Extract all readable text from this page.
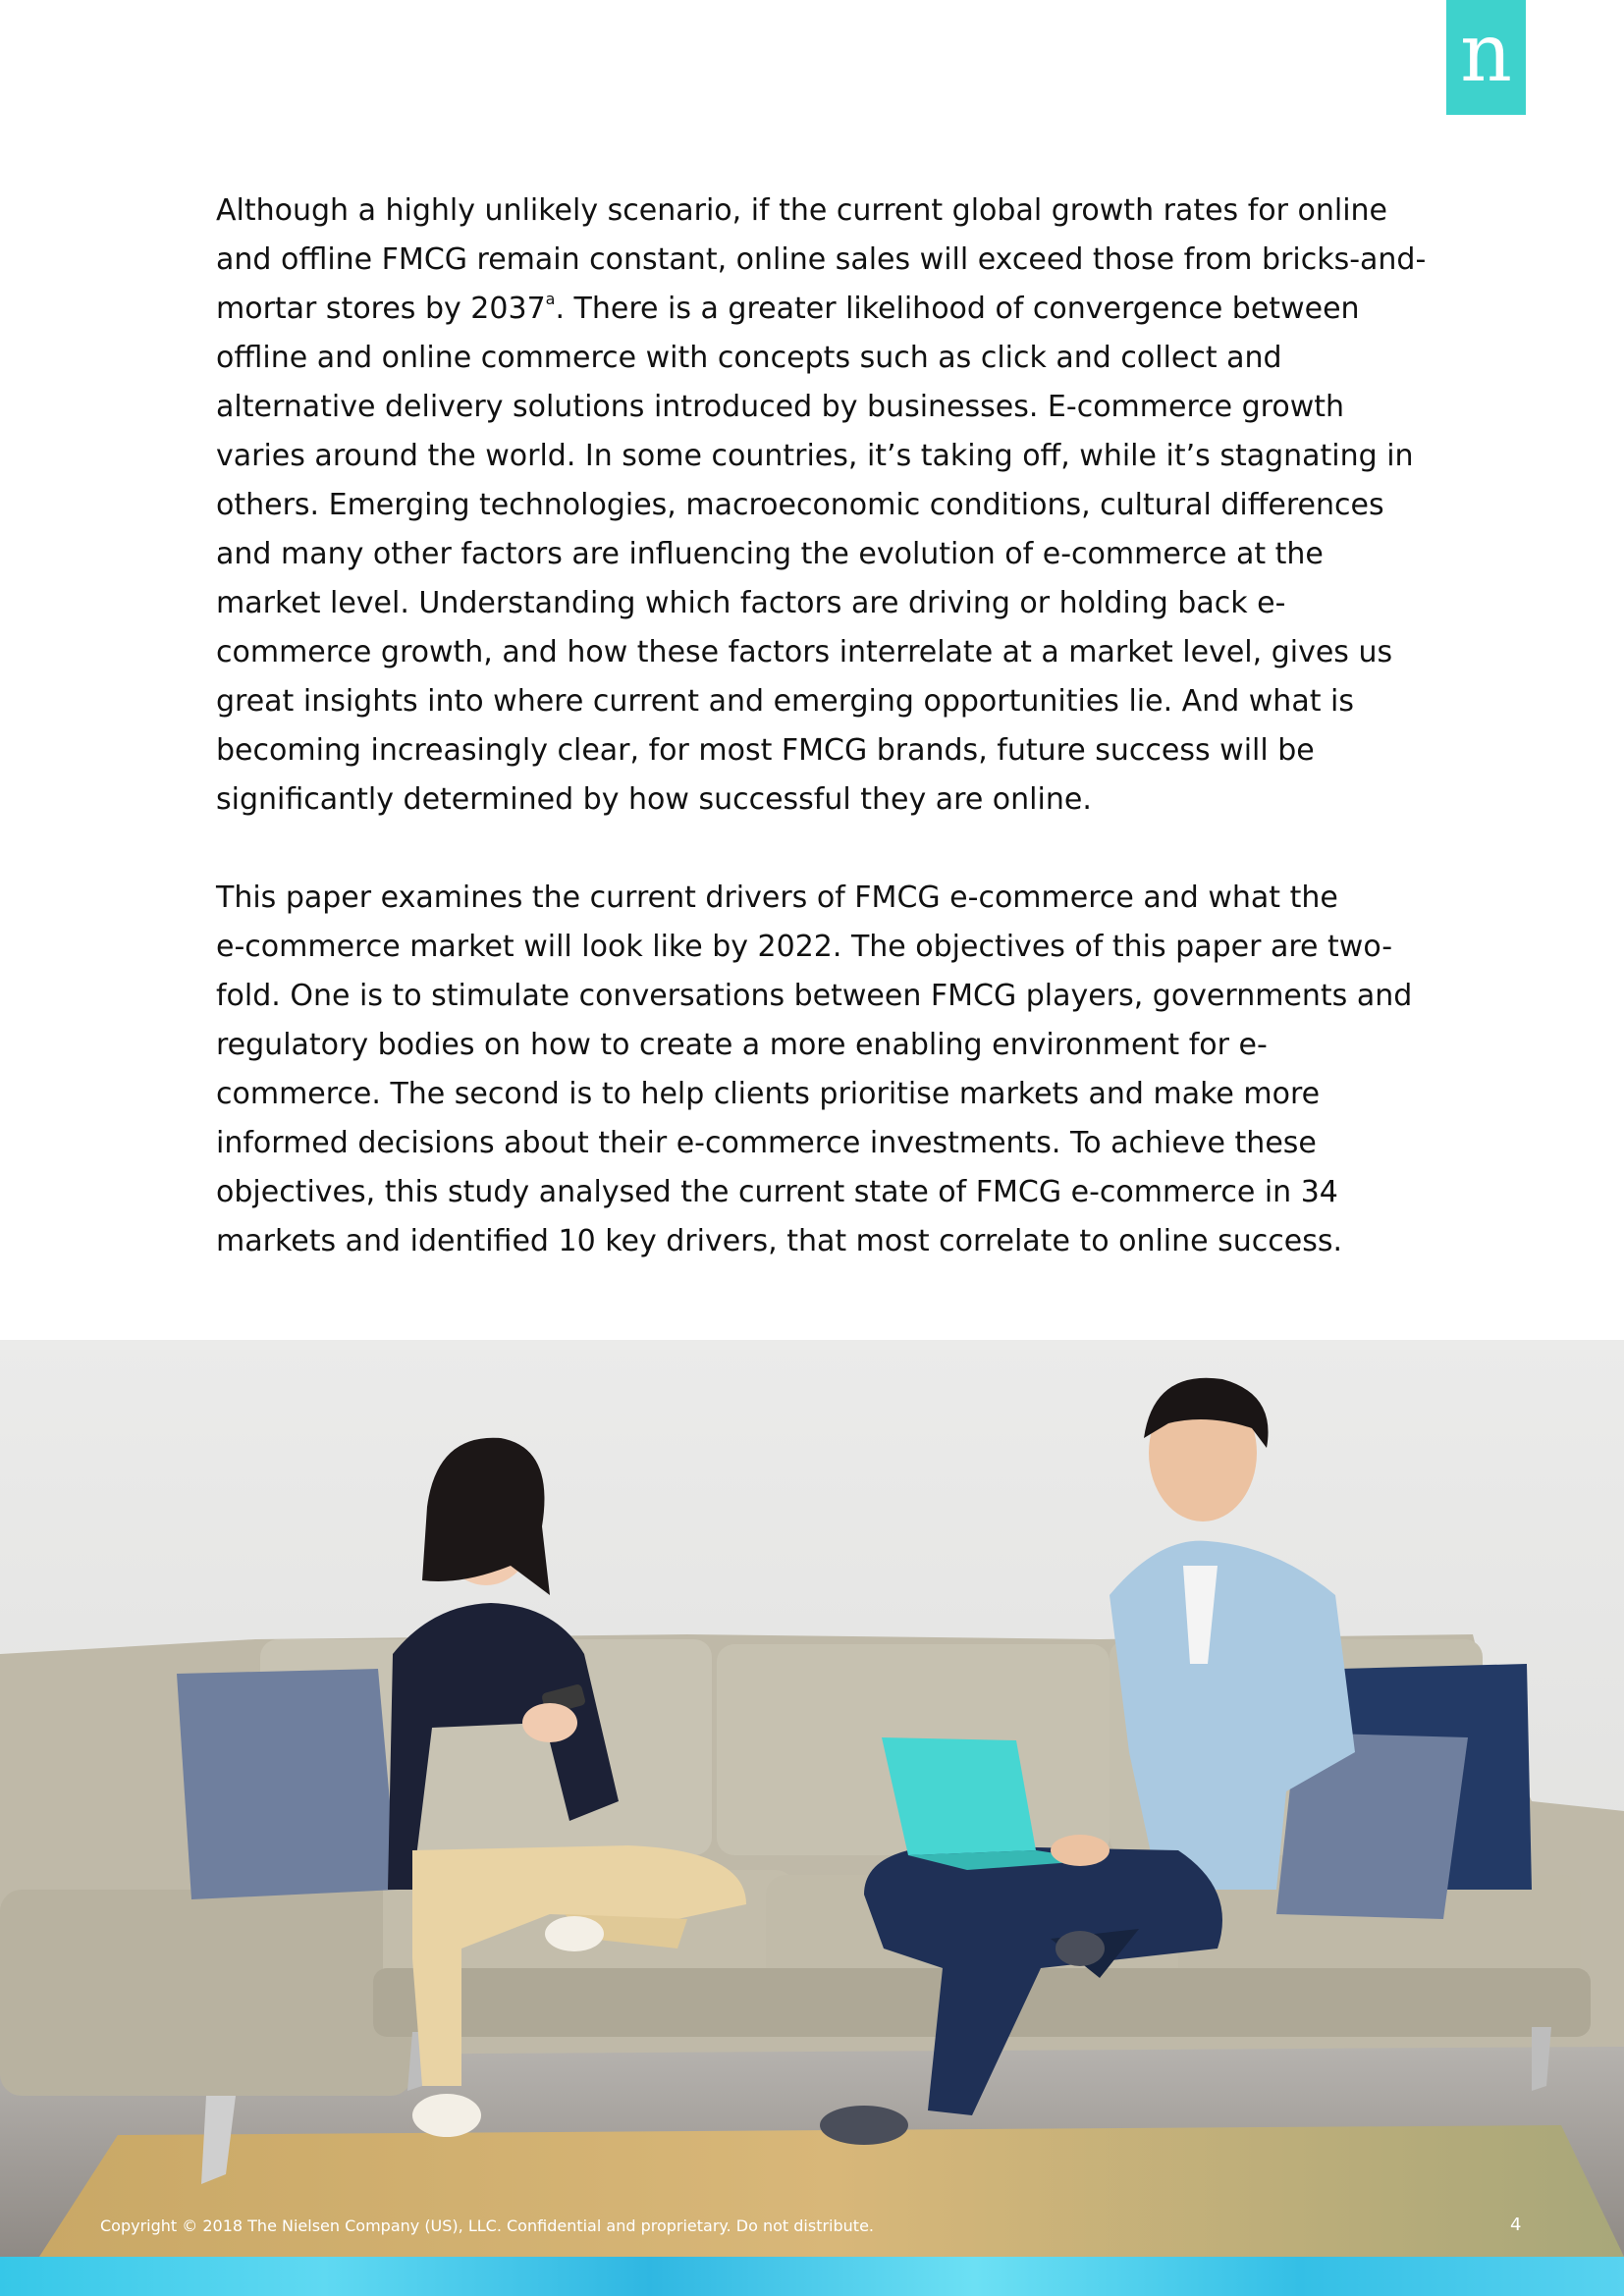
n

Although a highly unlikely scenario, if the current global growth rates for online
and offline FMCG remain constant, online sales will exceed those from bricks-and-
mortar stores by 2037$^a$. There is a greater likelihood of convergence between
offline and online commerce with concepts such as click and collect and
alternative delivery solutions introduced by businesses. E-commerce growth
varies around the world. In some countries, it’s taking off, while it’s stagnating in
others. Emerging technologies, macroeconomic conditions, cultural differences
and many other factors are influencing the evolution of e-commerce at the
market level. Understanding which factors are driving or holding back e-
commerce growth, and how these factors interrelate at a market level, gives us
great insights into where current and emerging opportunities lie. And what is
becoming increasingly clear, for most FMCG brands, future success will be
significantly determined by how successful they are online.

This paper examines the current drivers of FMCG e-commerce and what the
e-commerce market will look like by 2022. The objectives of this paper are two-
fold. One is to stimulate conversations between FMCG players, governments and
regulatory bodies on how to create a more enabling environment for e-
commerce. The second is to help clients prioritise markets and make more
informed decisions about their e-commerce investments. To achieve these
objectives, this study analysed the current state of FMCG e-commerce in 34
markets and identified 10 key drivers, that most correlate to online success.

Copyright © 2018 The Nielsen Company (US), LLC. Confidential and proprietary. Do not distribute.	4
